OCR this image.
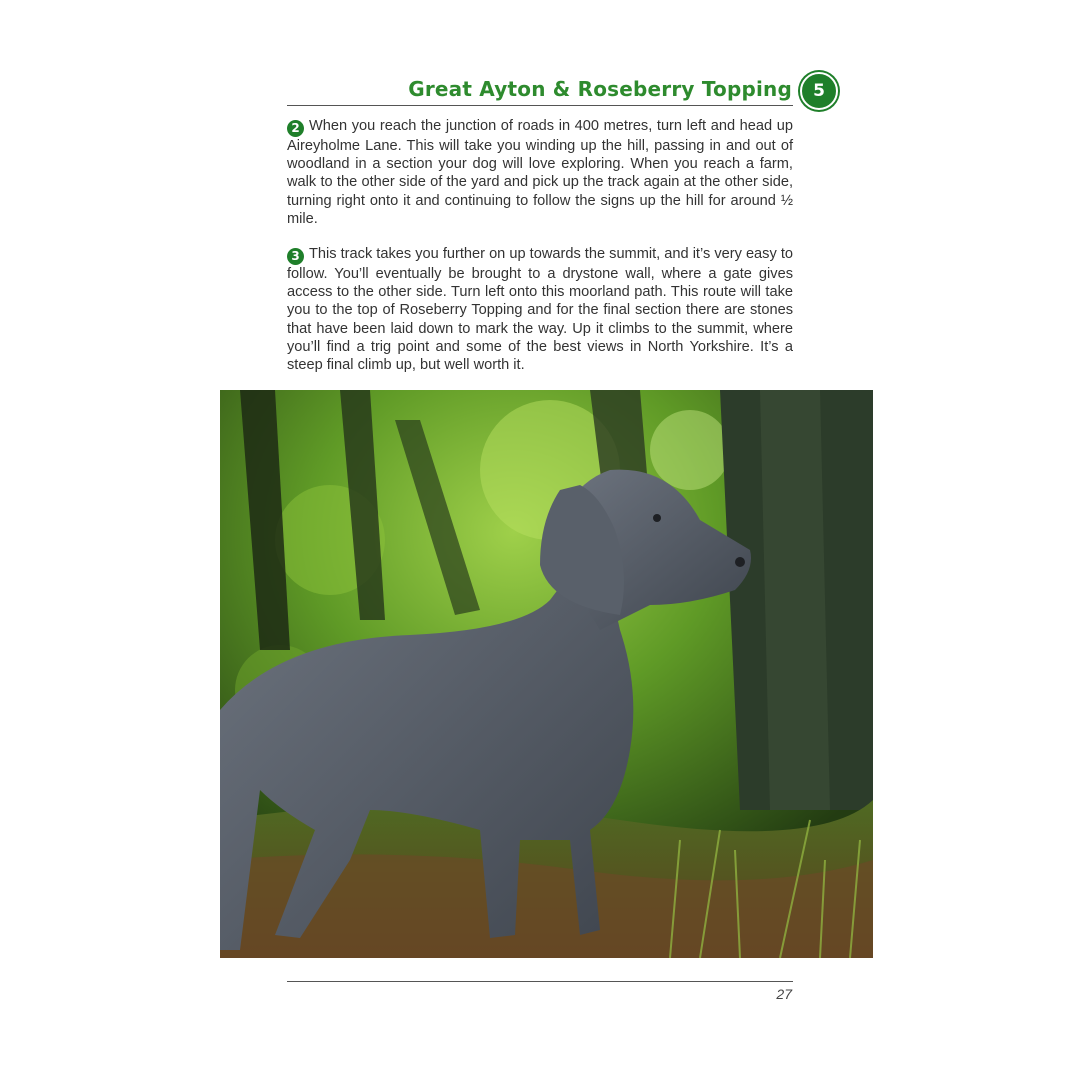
Great Ayton & Roseberry Topping	5
2 When you reach the junction of roads in 400 metres, turn left and head up Aireyholme Lane. This will take you winding up the hill, passing in and out of woodland in a section your dog will love exploring. When you reach a farm, walk to the other side of the yard and pick up the track again at the other side, turning right onto it and continuing to follow the signs up the hill for around ½ mile.
3 This track takes you further on up towards the summit, and it’s very easy to follow. You’ll eventually be brought to a drystone wall, where a gate gives access to the other side. Turn left onto this moorland path. This route will take you to the top of Roseberry Topping and for the final section there are stones that have been laid down to mark the way. Up it climbs to the summit, where you’ll find a trig point and some of the best views in North Yorkshire. It’s a steep final climb up, but well worth it.
27
